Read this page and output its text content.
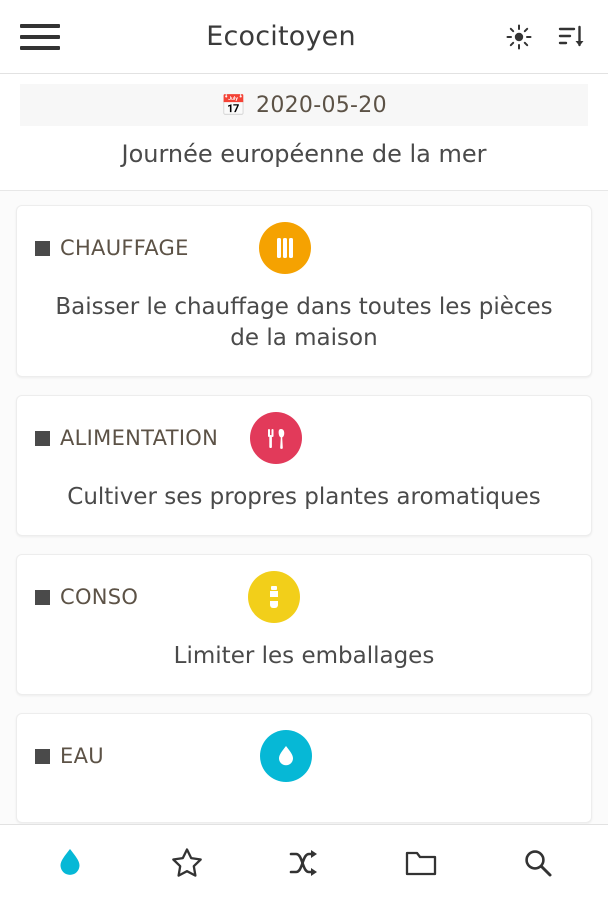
Ecocitoyen
📅 2020-05-20
Journée européenne de la mer
CHAUFFAGE
Baisser le chauffage dans toutes les pièces de la maison
ALIMENTATION
Cultiver ses propres plantes aromatiques
CONSO
Limiter les emballages
EAU
